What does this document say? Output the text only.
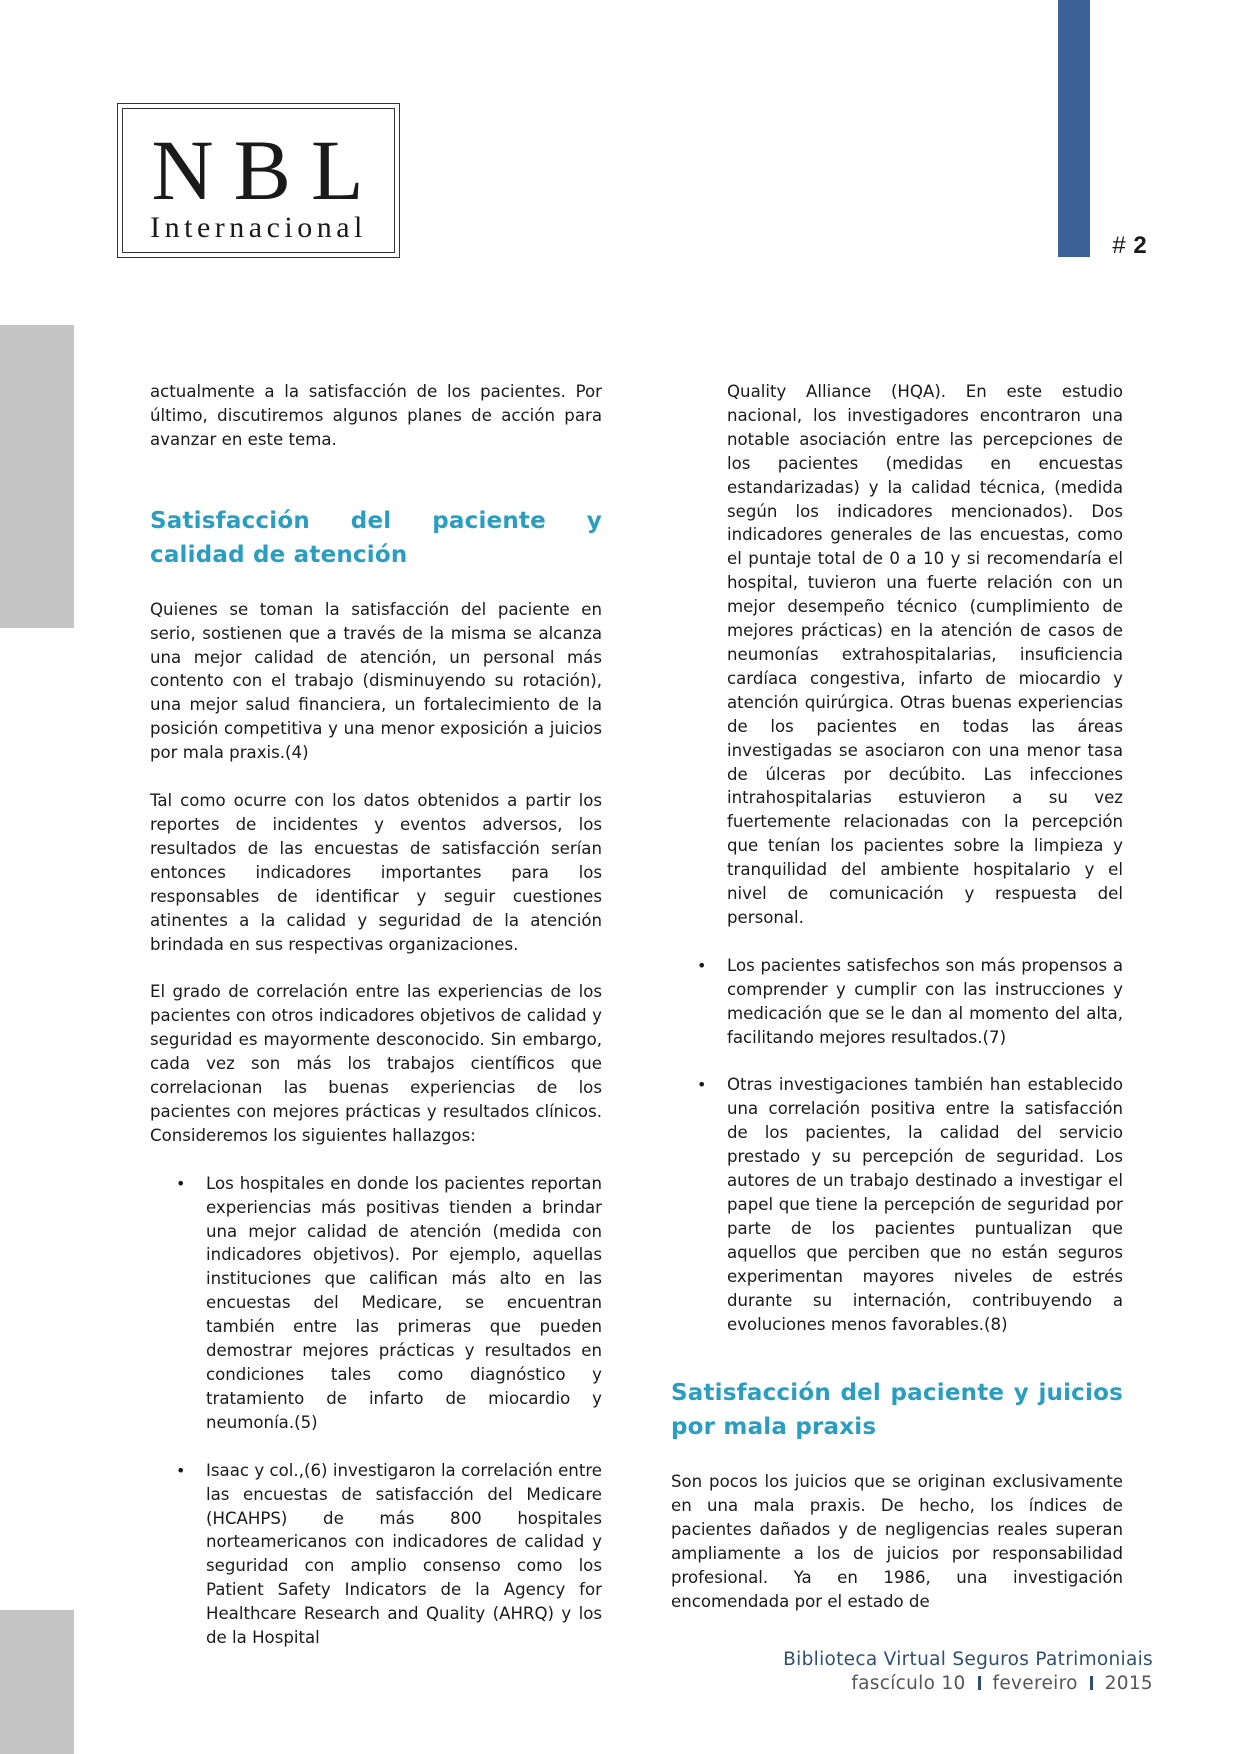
NBL
Internacional
# 2

actualmente a la satisfacción de los pacientes. Por último, discutiremos algunos planes de acción para avanzar en este tema.

Satisfacción del paciente y calidad de atención

Quienes se toman la satisfacción del paciente en serio, sostienen que a través de la misma se alcanza una mejor calidad de atención, un personal más contento con el trabajo (disminuyendo su rotación), una mejor salud financiera, un fortalecimiento de la posición competitiva y una menor exposición a juicios por mala praxis.(4)

Tal como ocurre con los datos obtenidos a partir los reportes de incidentes y eventos adversos, los resultados de las encuestas de satisfacción serían entonces indicadores importantes para los responsables de identificar y seguir cuestiones atinentes a la calidad y seguridad de la atención brindada en sus respectivas organizaciones.

El grado de correlación entre las experiencias de los pacientes con otros indicadores objetivos de calidad y seguridad es mayormente desconocido. Sin embargo, cada vez son más los trabajos científicos que correlacionan las buenas experiencias de los pacientes con mejores prácticas y resultados clínicos. Consideremos los siguientes hallazgos:

• Los hospitales en donde los pacientes reportan experiencias más positivas tienden a brindar una mejor calidad de atención (medida con indicadores objetivos). Por ejemplo, aquellas instituciones que califican más alto en las encuestas del Medicare, se encuentran también entre las primeras que pueden demostrar mejores prácticas y resultados en condiciones tales como diagnóstico y tratamiento de infarto de miocardio y neumonía.(5)
• Isaac y col.,(6) investigaron la correlación entre las encuestas de satisfacción del Medicare (HCAHPS) de más 800 hospitales norteamericanos con indicadores de calidad y seguridad con amplio consenso como los Patient Safety Indicators de la Agency for Healthcare Research and Quality (AHRQ) y los de la Hospital
Quality Alliance (HQA). En este estudio nacional, los investigadores encontraron una notable asociación entre las percepciones de los pacientes (medidas en encuestas estandarizadas) y la calidad técnica, (medida según los indicadores mencionados). Dos indicadores generales de las encuestas, como el puntaje total de 0 a 10 y si recomendaría el hospital, tuvieron una fuerte relación con un mejor desempeño técnico (cumplimiento de mejores prácticas) en la atención de casos de neumonías extrahospitalarias, insuficiencia cardíaca congestiva, infarto de miocardio y atención quirúrgica. Otras buenas experiencias de los pacientes en todas las áreas investigadas se asociaron con una menor tasa de úlceras por decúbito. Las infecciones intrahospitalarias estuvieron a su vez fuertemente relacionadas con la percepción que tenían los pacientes sobre la limpieza y tranquilidad del ambiente hospitalario y el nivel de comunicación y respuesta del personal.
• Los pacientes satisfechos son más propensos a comprender y cumplir con las instrucciones y medicación que se le dan al momento del alta, facilitando mejores resultados.(7)
• Otras investigaciones también han establecido una correlación positiva entre la satisfacción de los pacientes, la calidad del servicio prestado y su percepción de seguridad. Los autores de un trabajo destinado a investigar el papel que tiene la percepción de seguridad por parte de los pacientes puntualizan que aquellos que perciben que no están seguros experimentan mayores niveles de estrés durante su internación, contribuyendo a evoluciones menos favorables.(8)
Satisfacción del paciente y juicios por mala praxis

Son pocos los juicios que se originan exclusivamente en una mala praxis. De hecho, los índices de pacientes dañados y de negligencias reales superan ampliamente a los de juicios por responsabilidad profesional. Ya en 1986, una investigación encomendada por el estado de

Biblioteca Virtual Seguros Patrimoniais
fascículo 10 fevereiro 2015
